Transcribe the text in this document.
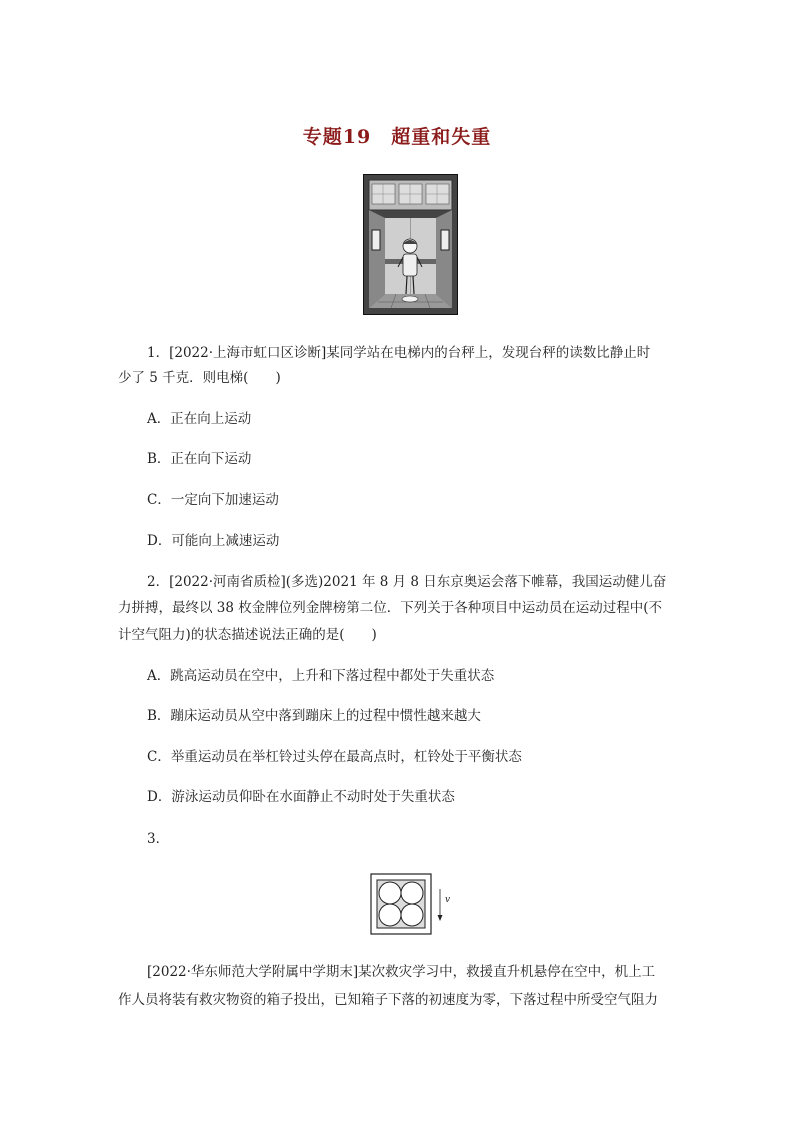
专题19　超重和失重
1．[2022·上海市虹口区诊断]某同学站在电梯内的台秤上，发现台秤的读数比静止时
少了 5 千克．则电梯(　　)
A．正在向上运动
B．正在向下运动
C．一定向下加速运动
D．可能向上减速运动
2．[2022·河南省质检](多选)2021 年 8 月 8 日东京奥运会落下帷幕，我国运动健儿奋
力拼搏，最终以 38 枚金牌位列金牌榜第二位．下列关于各种项目中运动员在运动过程中(不
计空气阻力)的状态描述说法正确的是(　　)
A．跳高运动员在空中，上升和下落过程中都处于失重状态
B．蹦床运动员从空中落到蹦床上的过程中惯性越来越大
C．举重运动员在举杠铃过头停在最高点时，杠铃处于平衡状态
D．游泳运动员仰卧在水面静止不动时处于失重状态
3．
v
[2022·华东师范大学附属中学期末]某次救灾学习中，救援直升机悬停在空中，机上工
作人员将装有救灾物资的箱子投出，已知箱子下落的初速度为零，下落过程中所受空气阻力
